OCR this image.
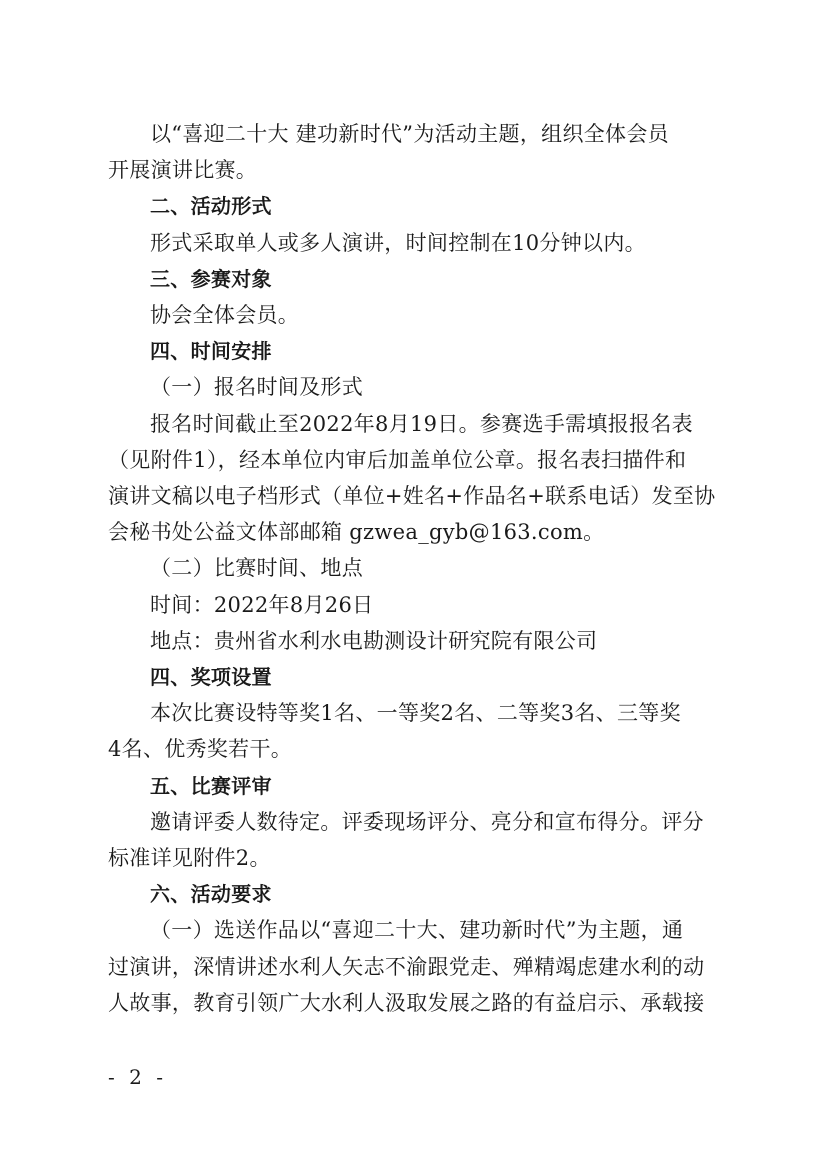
以“喜迎二十大 建功新时代”为活动主题，组织全体会员

开展演讲比赛。

二、活动形式

形式采取单人或多人演讲，时间控制在10分钟以内。

三、参赛对象

协会全体会员。

四、时间安排

（一）报名时间及形式

报名时间截止至2022年8月19日。参赛选手需填报报名表

（见附件1），经本单位内审后加盖单位公章。报名表扫描件和

演讲文稿以电子档形式（单位+姓名+作品名+联系电话）发至协

会秘书处公益文体部邮箱 gzwea_gyb@163.com。

（二）比赛时间、地点

时间：2022年8月26日

地点：贵州省水利水电勘测设计研究院有限公司

四、奖项设置

本次比赛设特等奖1名、一等奖2名、二等奖3名、三等奖

4名、优秀奖若干。

五、比赛评审

邀请评委人数待定。评委现场评分、亮分和宣布得分。评分

标准详见附件2。

六、活动要求

（一）选送作品以“喜迎二十大、建功新时代”为主题，通

过演讲，深情讲述水利人矢志不渝跟党走、殚精竭虑建水利的动

人故事，教育引领广大水利人汲取发展之路的有益启示、承载接

- 2 -
